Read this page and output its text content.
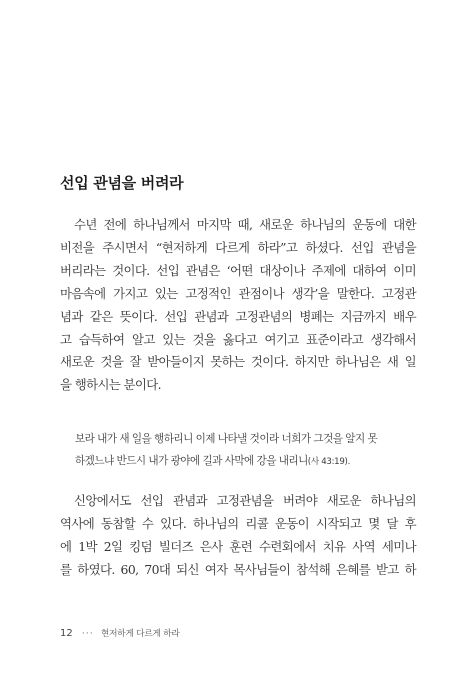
선입 관념을 버려라
수년 전에 하나님께서 마지막 때, 새로운 하나님의 운동에 대한
비전을 주시면서 “현저하게 다르게 하라”고 하셨다. 선입 관념을
버리라는 것이다. 선입 관념은 ‘어떤 대상이나 주제에 대하여 이미
마음속에 가지고 있는 고정적인 관점이나 생각’을 말한다. 고정관
념과 같은 뜻이다. 선입 관념과 고정관념의 병폐는 지금까지 배우
고 습득하여 알고 있는 것을 옳다고 여기고 표준이라고 생각해서
새로운 것을 잘 받아들이지 못하는 것이다. 하지만 하나님은 새 일
을 행하시는 분이다.
보라 내가 새 일을 행하리니 이제 나타낼 것이라 너희가 그것을 알지 못
하겠느냐 반드시 내가 광야에 길과 사막에 강을 내리니(사 43:19).
신앙에서도 선입 관념과 고정관념을 버려야 새로운 하나님의
역사에 동참할 수 있다. 하나님의 리콜 운동이 시작되고 몇 달 후
에 1박 2일 킹덤 빌더즈 은사 훈련 수련회에서 치유 사역 세미나
를 하였다. 60, 70대 되신 여자 목사님들이 참석해 은혜를 받고 하
12 ··· 현저하게 다르게 하라
